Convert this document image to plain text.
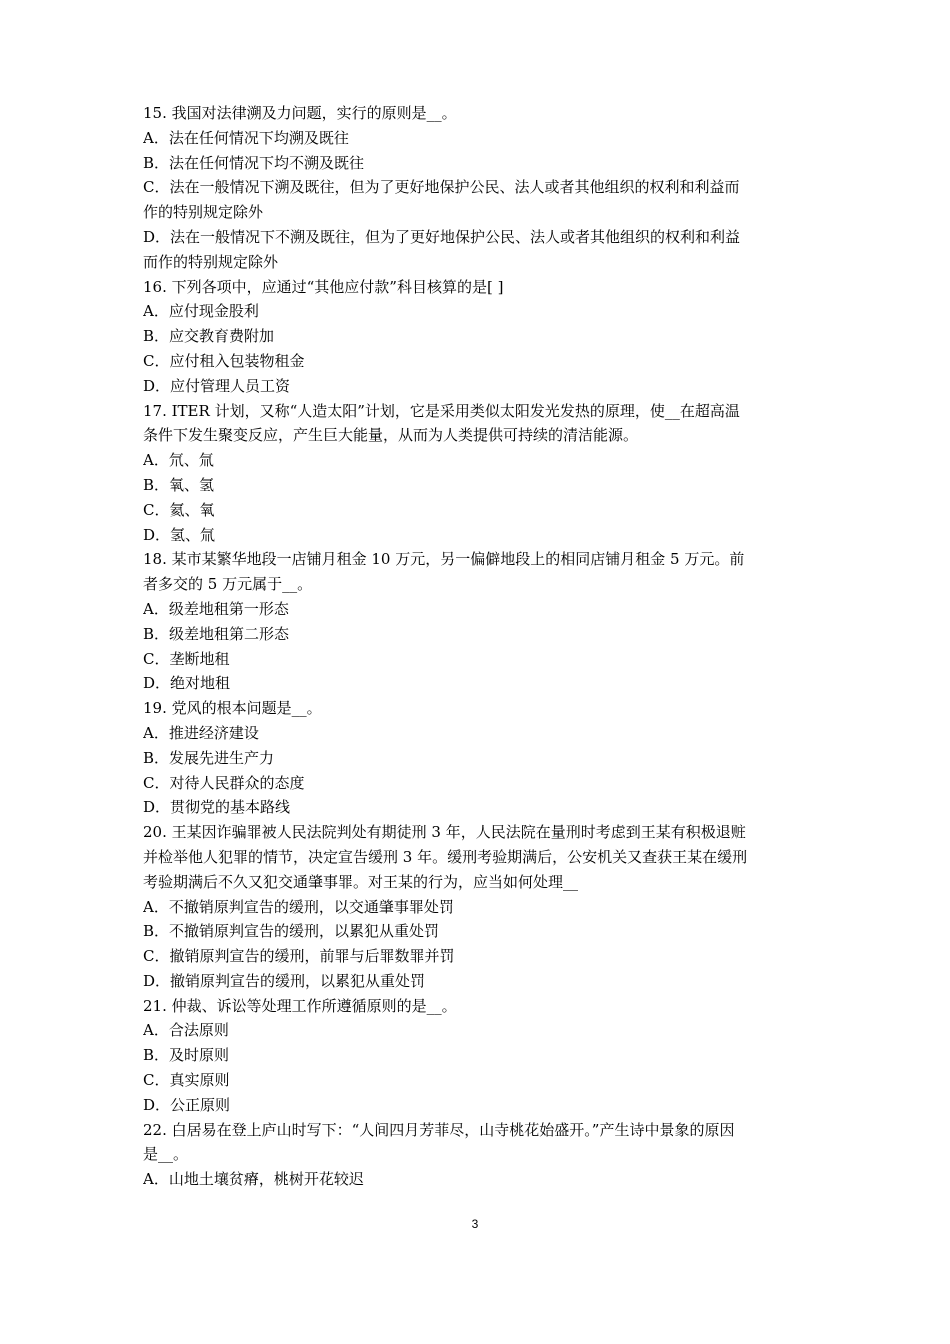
15. 我国对法律溯及力问题，实行的原则是__。
A．法在任何情况下均溯及既往
B．法在任何情况下均不溯及既往
C．法在一般情况下溯及既往，但为了更好地保护公民、法人或者其他组织的权利和利益而
作的特别规定除外
D．法在一般情况下不溯及既往，但为了更好地保护公民、法人或者其他组织的权利和利益
而作的特别规定除外
16. 下列各项中，应通过“其他应付款”科目核算的是[ ]
A．应付现金股利
B．应交教育费附加
C．应付租入包装物租金
D．应付管理人员工资
17. ITER 计划，又称“人造太阳”计划，它是采用类似太阳发光发热的原理，使__在超高温
条件下发生聚变反应，产生巨大能量，从而为人类提供可持续的清洁能源。
A．氘、氚
B．氧、氢
C．氦、氧
D．氢、氚
18. 某市某繁华地段一店铺月租金 10 万元，另一偏僻地段上的相同店铺月租金 5 万元。前
者多交的 5 万元属于__。
A．级差地租第一形态
B．级差地租第二形态
C．垄断地租
D．绝对地租
19. 党风的根本问题是__。
A．推进经济建设
B．发展先进生产力
C．对待人民群众的态度
D．贯彻党的基本路线
20. 王某因诈骗罪被人民法院判处有期徒刑 3 年，人民法院在量刑时考虑到王某有积极退赃
并检举他人犯罪的情节，决定宣告缓刑 3 年。缓刑考验期满后，公安机关又查获王某在缓刑
考验期满后不久又犯交通肇事罪。对王某的行为，应当如何处理__
A．不撤销原判宣告的缓刑，以交通肇事罪处罚
B．不撤销原判宣告的缓刑，以累犯从重处罚
C．撤销原判宣告的缓刑，前罪与后罪数罪并罚
D．撤销原判宣告的缓刑，以累犯从重处罚
21. 仲裁、诉讼等处理工作所遵循原则的是__。
A．合法原则
B．及时原则
C．真实原则
D．公正原则
22. 白居易在登上庐山时写下：“人间四月芳菲尽，山寺桃花始盛开。”产生诗中景象的原因
是__。
A．山地土壤贫瘠，桃树开花较迟
3
